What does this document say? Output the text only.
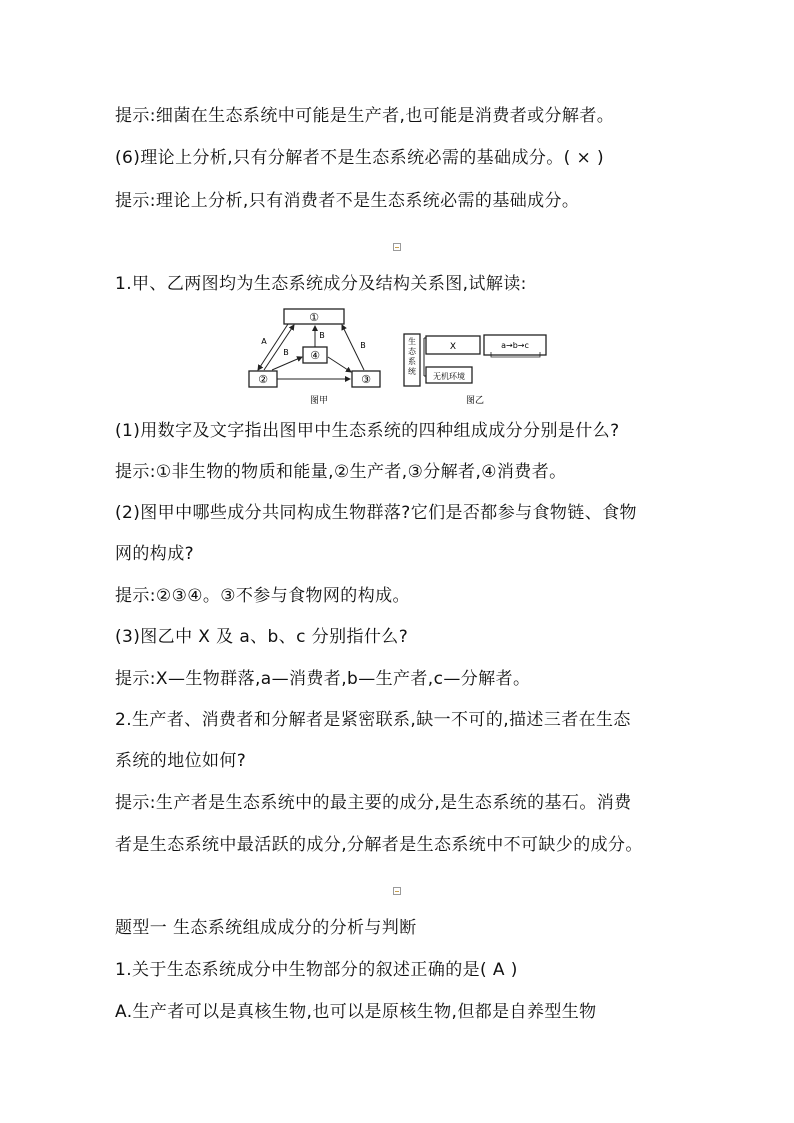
提示:细菌在生态系统中可能是生产者,也可能是消费者或分解者。
(6)理论上分析,只有分解者不是生态系统必需的基础成分。( × )
提示:理论上分析,只有消费者不是生态系统必需的基础成分。
1.甲、乙两图均为生态系统成分及结构关系图,试解读:
①
②	③
④
A
B
B
B
图甲
生
态
系
统
X
无机环境
a→b→c
图乙
(1)用数字及文字指出图甲中生态系统的四种组成成分分别是什么?
提示:①非生物的物质和能量,②生产者,③分解者,④消费者。
(2)图甲中哪些成分共同构成生物群落?它们是否都参与食物链、食物
网的构成?
提示:②③④。③不参与食物网的构成。
(3)图乙中 X 及 a、b、c 分别指什么?
提示:X—生物群落,a—消费者,b—生产者,c—分解者。
2.生产者、消费者和分解者是紧密联系,缺一不可的,描述三者在生态
系统的地位如何?
提示:生产者是生态系统中的最主要的成分,是生态系统的基石。消费
者是生态系统中最活跃的成分,分解者是生态系统中不可缺少的成分。
题型一 生态系统组成成分的分析与判断
1.关于生态系统成分中生物部分的叙述正确的是( A )
A.生产者可以是真核生物,也可以是原核生物,但都是自养型生物
